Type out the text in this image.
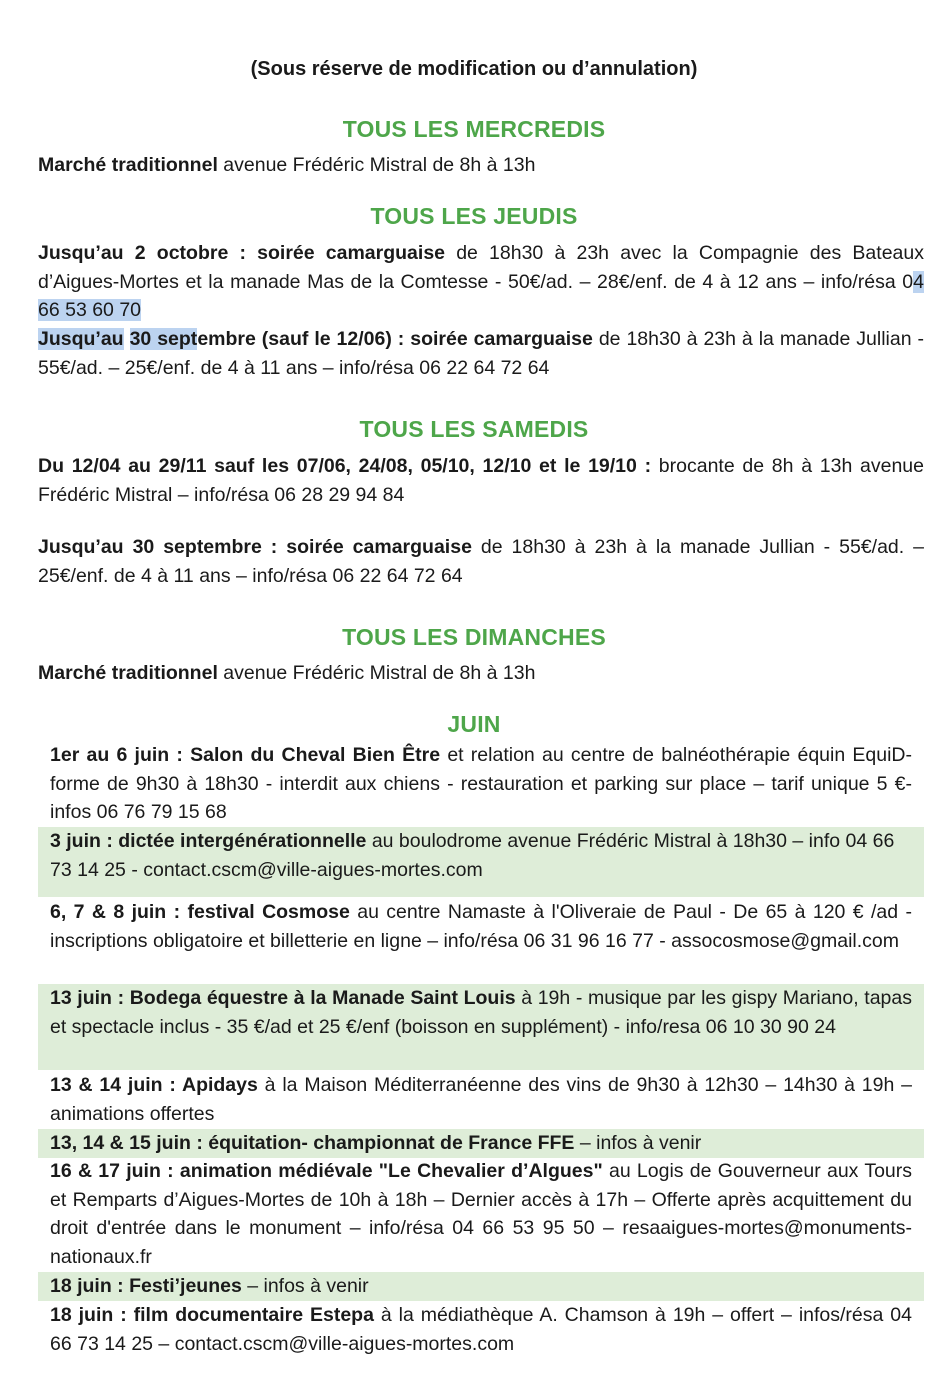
(Sous réserve de modification ou d’annulation)
TOUS LES MERCREDIS
Marché traditionnel avenue Frédéric Mistral de 8h à 13h
TOUS LES JEUDIS
Jusqu’au 2 octobre : soirée camarguaise de 18h30 à 23h avec la Compagnie des Bateaux d’Aigues-Mortes et la manade Mas de la Comtesse - 50€/ad. – 28€/enf. de 4 à 12 ans – info/résa 04 66 53 60 70
Jusqu’au 30 septembre (sauf le 12/06) : soirée camarguaise de 18h30 à 23h à la manade Jullian - 55€/ad. – 25€/enf. de 4 à 11 ans – info/résa 06 22 64 72 64
TOUS LES SAMEDIS
Du 12/04 au 29/11 sauf les 07/06, 24/08, 05/10, 12/10 et le 19/10 : brocante de 8h à 13h avenue Frédéric Mistral – info/résa 06 28 29 94 84
Jusqu’au 30 septembre : soirée camarguaise de 18h30 à 23h à la manade Jullian - 55€/ad. – 25€/enf. de 4 à 11 ans – info/résa 06 22 64 72 64
TOUS LES DIMANCHES
Marché traditionnel avenue Frédéric Mistral de 8h à 13h
JUIN
1er au 6 juin : Salon du Cheval Bien Être et relation au centre de balnéothérapie équin EquiD-forme de 9h30 à 18h30 - interdit aux chiens - restauration et parking sur place – tarif unique 5 €- infos 06 76 79 15 68
3 juin : dictée intergénérationnelle au boulodrome avenue Frédéric Mistral à 18h30 – info 04 66 73 14 25 - contact.cscm@ville-aigues-mortes.com
6, 7 & 8 juin : festival Cosmose au centre Namaste à l'Oliveraie de Paul - De 65 à 120 € /ad - inscriptions obligatoire et billetterie en ligne – info/résa 06 31 96 16 77 - assocosmose@gmail.com
13 juin : Bodega équestre à la Manade Saint Louis à 19h - musique par les gispy Mariano, tapas et spectacle inclus - 35 €/ad et 25 €/enf (boisson en supplément) - info/resa 06 10 30 90 24
13 & 14 juin : Apidays à la Maison Méditerranéenne des vins de 9h30 à 12h30 – 14h30 à 19h – animations offertes
13, 14 & 15 juin : équitation- championnat de France FFE – infos à venir
16 & 17 juin : animation médiévale "Le Chevalier d’Algues" au Logis de Gouverneur aux Tours et Remparts d’Aigues-Mortes de 10h à 18h – Dernier accès à 17h – Offerte après acquittement du droit d'entrée dans le monument – info/résa 04 66 53 95 50 – resaaigues-mortes@monuments-nationaux.fr
18 juin : Festi’jeunes – infos à venir
18 juin : film documentaire Estepa à la médiathèque A. Chamson à 19h – offert – infos/résa 04 66 73 14 25 – contact.cscm@ville-aigues-mortes.com
